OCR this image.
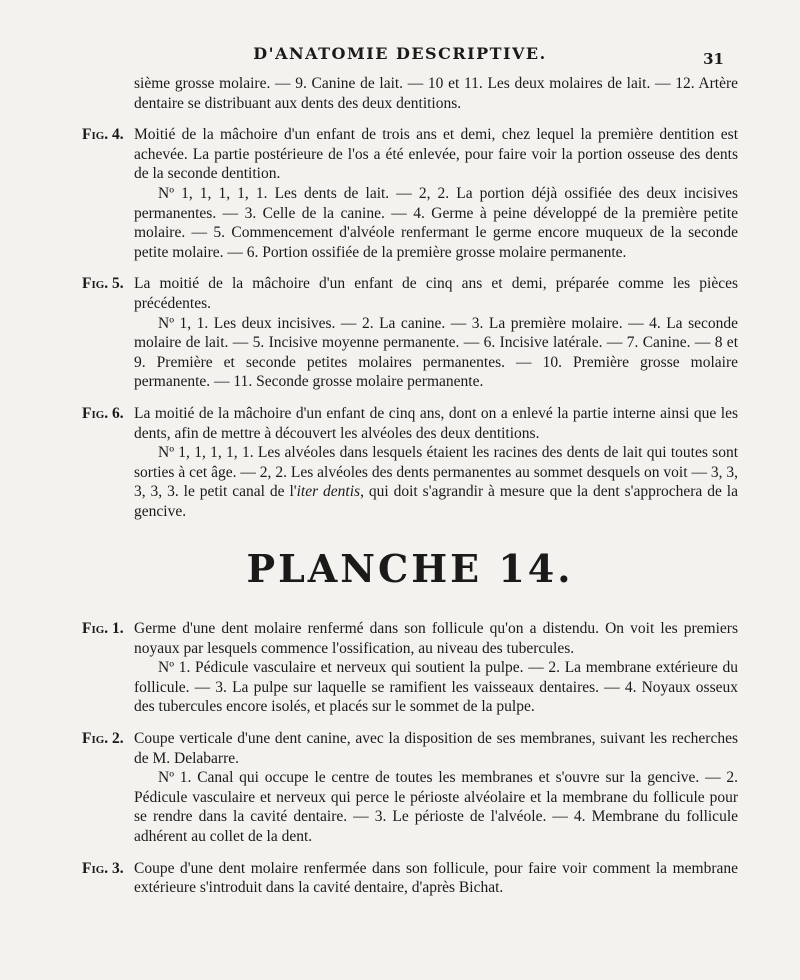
D'ANATOMIE DESCRIPTIVE.	31

sième grosse molaire. — 9. Canine de lait. — 10 et 11. Les deux molaires de lait. — 12. Artère dentaire se distribuant aux dents des deux dentitions.

Fig. 4. Moitié de la mâchoire d'un enfant de trois ans et demi, chez lequel la première dentition est achevée. La partie postérieure de l'os a été enlevée, pour faire voir la portion osseuse des dents de la seconde dentition.
Nº 1, 1, 1, 1, 1. Les dents de lait. — 2, 2. La portion déjà ossifiée des deux incisives permanentes. — 3. Celle de la canine. — 4. Germe à peine développé de la première petite molaire. — 5. Commencement d'alvéole renfermant le germe encore muqueux de la seconde petite molaire. — 6. Portion ossifiée de la première grosse molaire permanente.
Fig. 5. La moitié de la mâchoire d'un enfant de cinq ans et demi, préparée comme les pièces précédentes.
Nº 1, 1. Les deux incisives. — 2. La canine. — 3. La première molaire. — 4. La seconde molaire de lait. — 5. Incisive moyenne permanente. — 6. Incisive latérale. — 7. Canine. — 8 et 9. Première et seconde petites molaires permanentes. — 10. Première grosse molaire permanente. — 11. Seconde grosse molaire permanente.
Fig. 6. La moitié de la mâchoire d'un enfant de cinq ans, dont on a enlevé la partie interne ainsi que les dents, afin de mettre à découvert les alvéoles des deux dentitions.
Nº 1, 1, 1, 1, 1. Les alvéoles dans lesquels étaient les racines des dents de lait qui toutes sont sorties à cet âge. — 2, 2. Les alvéoles des dents permanentes au sommet desquels on voit — 3, 3, 3, 3, 3. le petit canal de l'iter dentis, qui doit s'agrandir à mesure que la dent s'approchera de la gencive.
PLANCHE 14.
Fig. 1. Germe d'une dent molaire renfermé dans son follicule qu'on a distendu. On voit les premiers noyaux par lesquels commence l'ossification, au niveau des tubercules.
Nº 1. Pédicule vasculaire et nerveux qui soutient la pulpe. — 2. La membrane extérieure du follicule. — 3. La pulpe sur laquelle se ramifient les vaisseaux dentaires. — 4. Noyaux osseux des tubercules encore isolés, et placés sur le sommet de la pulpe.
Fig. 2. Coupe verticale d'une dent canine, avec la disposition de ses membranes, suivant les recherches de M. Delabarre.
Nº 1. Canal qui occupe le centre de toutes les membranes et s'ouvre sur la gencive. — 2. Pédicule vasculaire et nerveux qui perce le périoste alvéolaire et la membrane du follicule pour se rendre dans la cavité dentaire. — 3. Le périoste de l'alvéole. — 4. Membrane du follicule adhérent au collet de la dent.
Fig. 3. Coupe d'une dent molaire renfermée dans son follicule, pour faire voir comment la membrane extérieure s'introduit dans la cavité dentaire, d'après Bichat.
